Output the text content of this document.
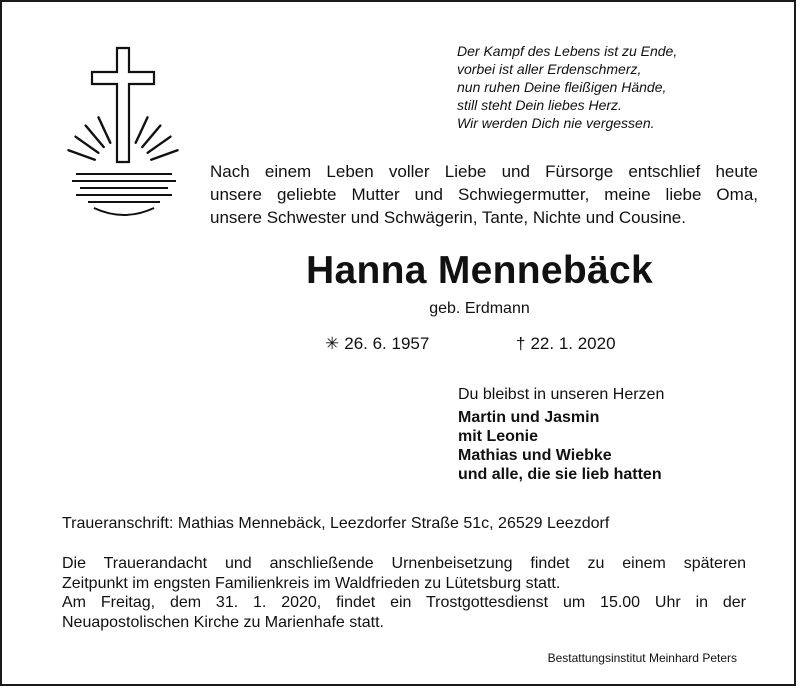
Der Kampf des Lebens ist zu Ende,
vorbei ist aller Erdenschmerz,
nun ruhen Deine fleißigen Hände,
still steht Dein liebes Herz.
Wir werden Dich nie vergessen.
Nach einem Leben voller Liebe und Fürsorge entschlief heute
unsere geliebte Mutter und Schwiegermutter, meine liebe Oma,
unsere Schwester und Schwägerin, Tante, Nichte und Cousine.
Hanna Mennebäck
geb. Erdmann
✳ 26. 6. 1957	† 22. 1. 2020
Du bleibst in unseren Herzen
Martin und Jasmin
mit Leonie
Mathias und Wiebke
und alle, die sie lieb hatten
Traueranschrift: Mathias Mennebäck, Leezdorfer Straße 51c, 26529 Leezdorf
Die Trauerandacht und anschließende Urnenbeisetzung findet zu einem späteren
Zeitpunkt im engsten Familienkreis im Waldfrieden zu Lütetsburg statt.
Am Freitag, dem 31. 1. 2020, findet ein Trostgottesdienst um 15.00 Uhr in der
Neuapostolischen Kirche zu Marienhafe statt.
Bestattungsinstitut Meinhard Peters
